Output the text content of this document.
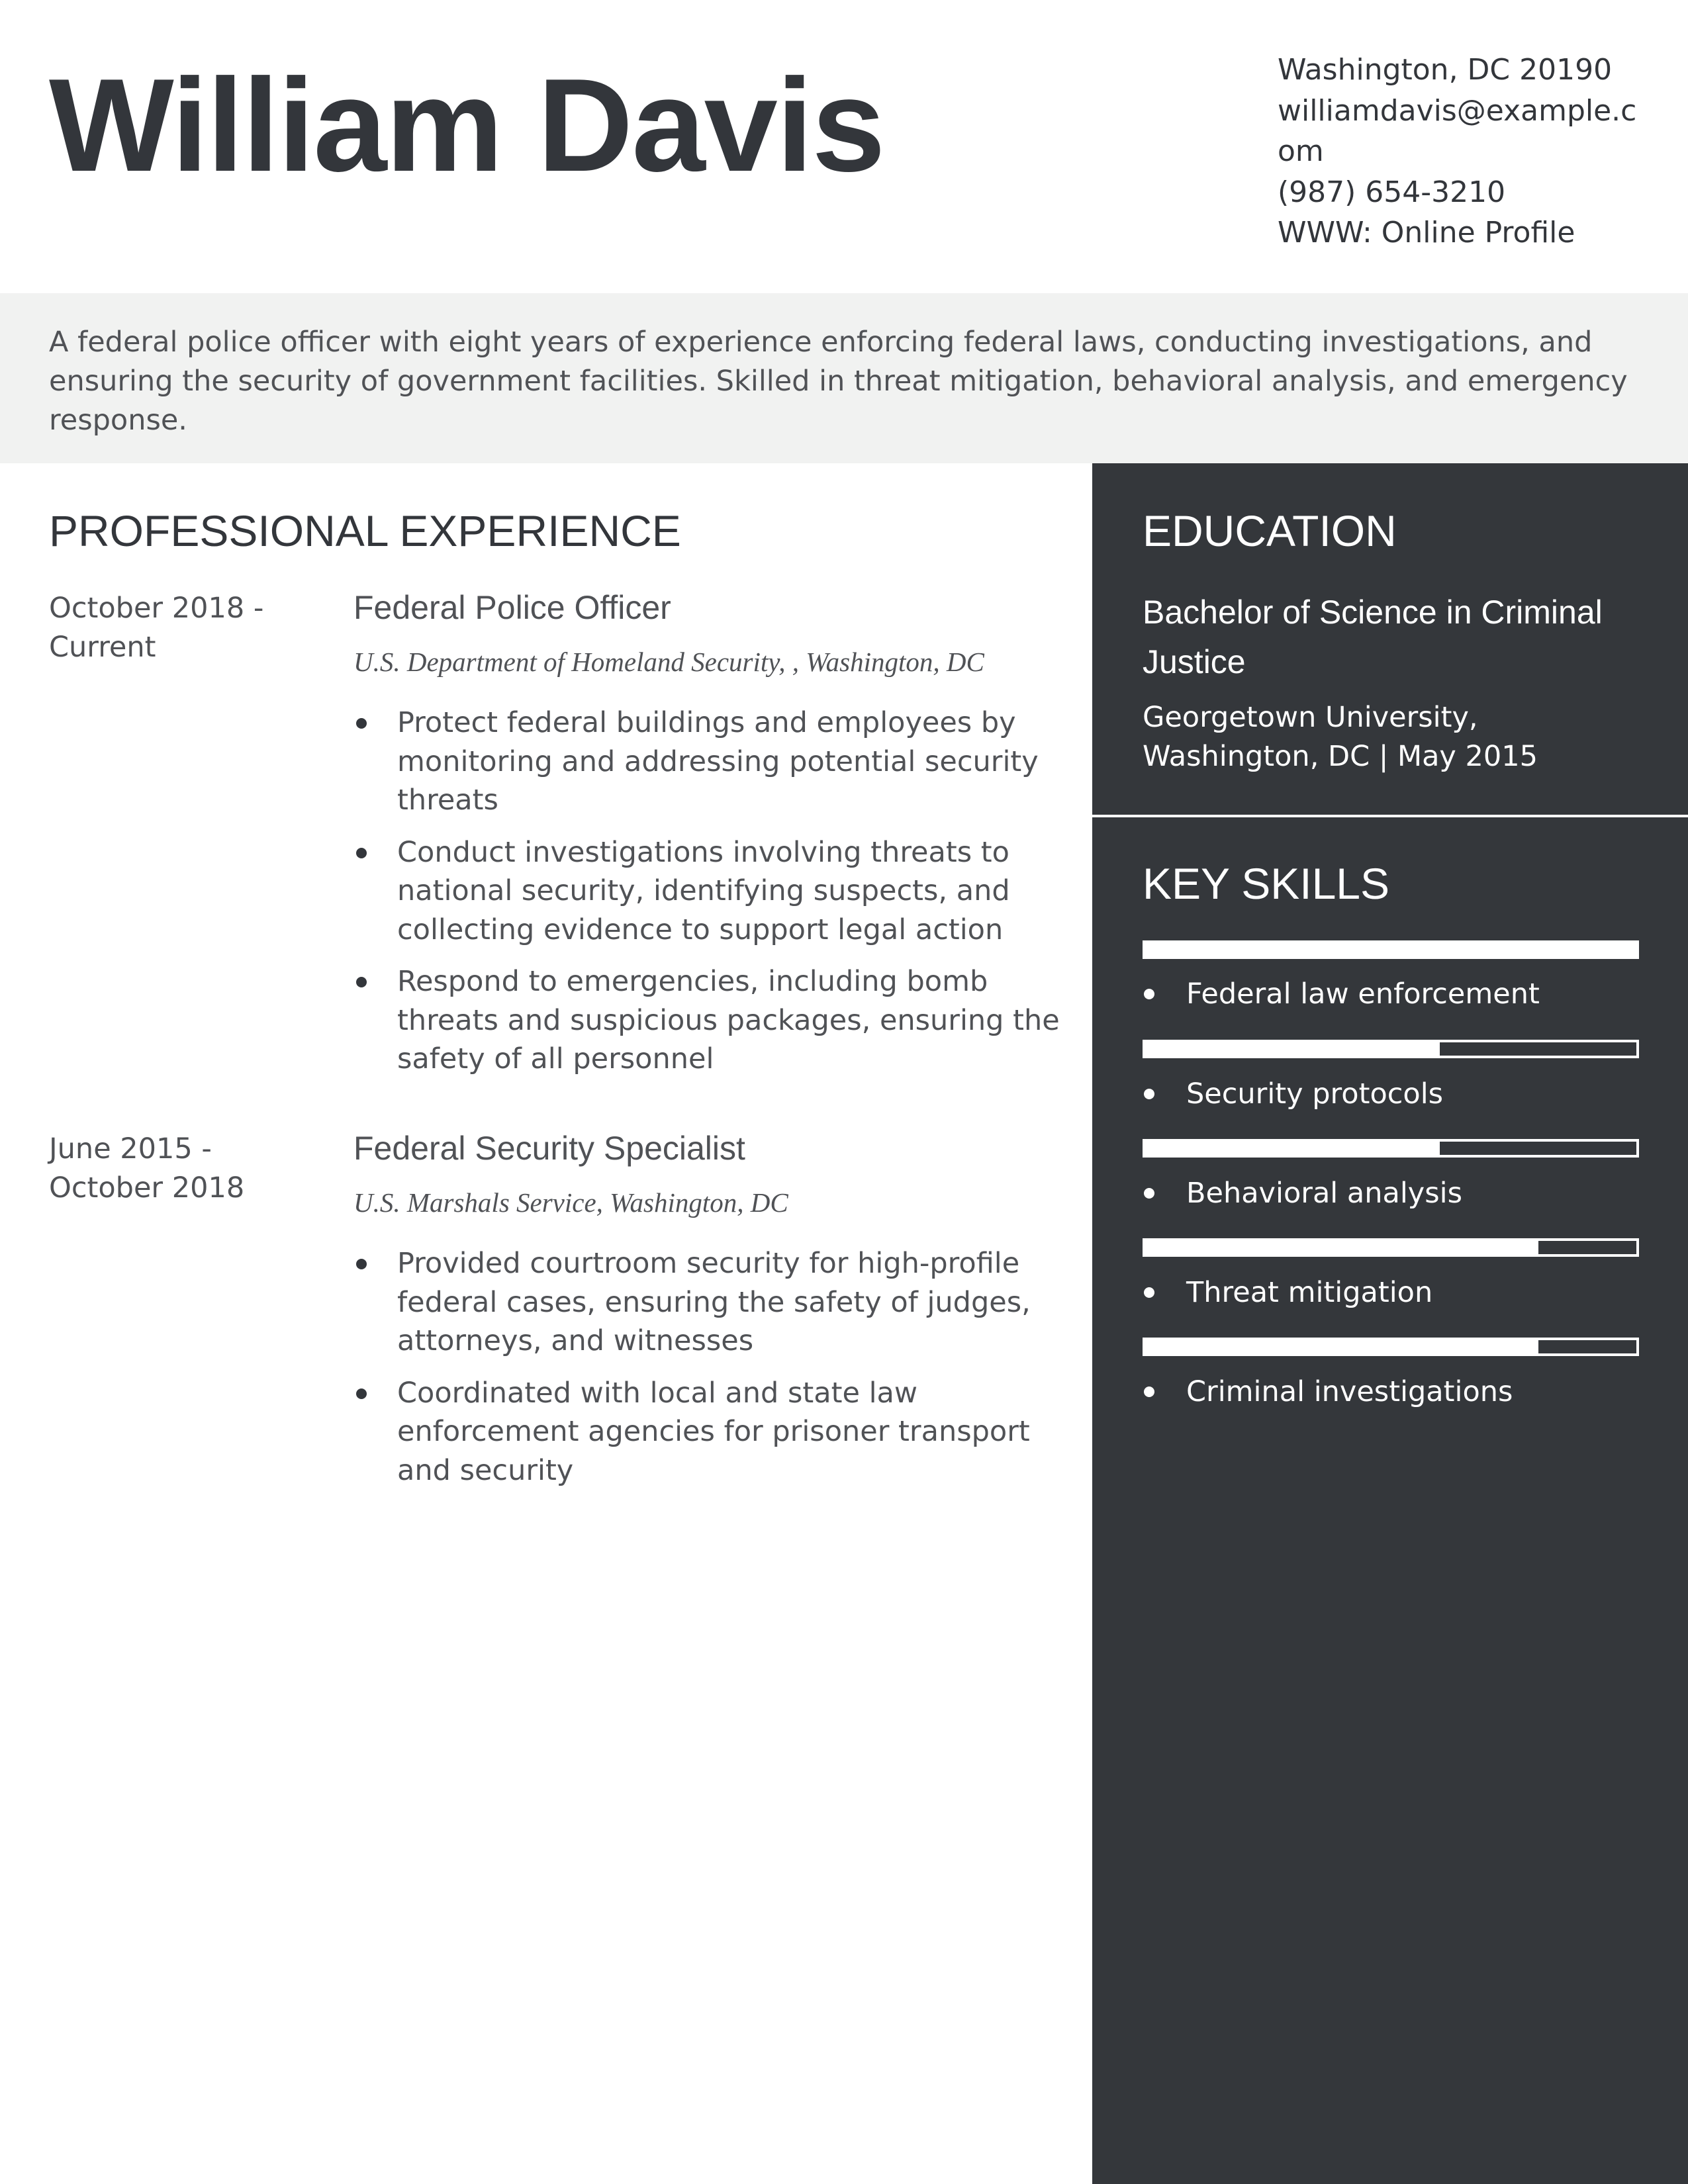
William Davis	Washington, DC 20190
williamdavis@example.com
(987) 654-3210
WWW: Online Profile
A federal police officer with eight years of experience enforcing federal laws, conducting investigations, and ensuring the security of government facilities. Skilled in threat mitigation, behavioral analysis, and emergency response.
PROFESSIONAL EXPERIENCE
October 2018 - Current
Federal Police Officer
U.S. Department of Homeland Security, , Washington, DC
Protect federal buildings and employees by monitoring and addressing potential security threats
Conduct investigations involving threats to national security, identifying suspects, and collecting evidence to support legal action
Respond to emergencies, including bomb threats and suspicious packages, ensuring the safety of all personnel
June 2015 - October 2018
Federal Security Specialist
U.S. Marshals Service, Washington, DC
Provided courtroom security for high-profile federal cases, ensuring the safety of judges, attorneys, and witnesses
Coordinated with local and state law enforcement agencies for prisoner transport and security
EDUCATION
Bachelor of Science in Criminal Justice
Georgetown University, Washington, DC | May 2015
KEY SKILLS
Federal law enforcement
Security protocols
Behavioral analysis
Threat mitigation
Criminal investigations
